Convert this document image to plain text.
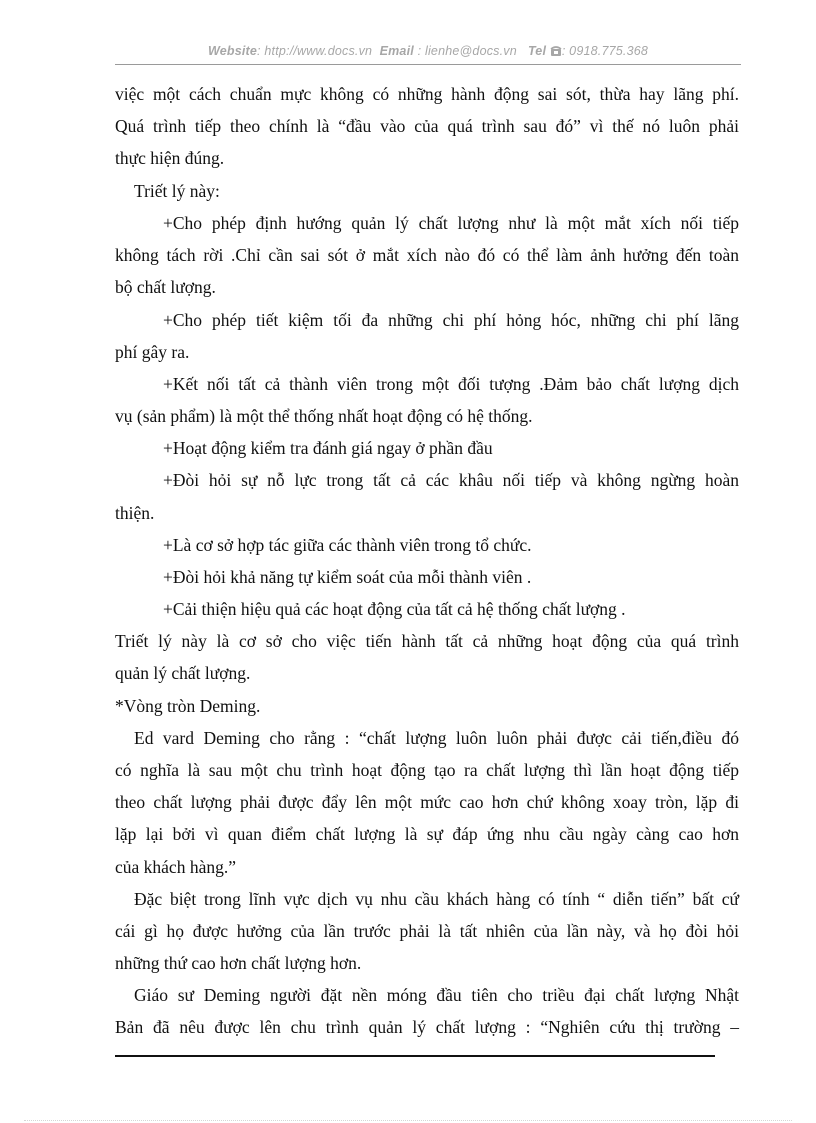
Website: http://www.docs.vn Email : lienhe@docs.vn Tel : 0918.775.368
việc một cách chuẩn mực không có những hành động sai sót, thừa hay lãng phí.
Quá trình tiếp theo chính là “đầu vào của quá trình sau đó” vì thế nó luôn phải
thực hiện đúng.
Triết lý này:
+Cho phép định hướng quản lý chất lượng như là một mắt xích nối tiếp
không tách rời .Chỉ cần sai sót ở mắt xích nào đó có thể làm ảnh hưởng đến toàn
bộ chất lượng.
+Cho phép tiết kiệm tối đa những chi phí hỏng hóc, những chi phí lãng
phí gây ra.
+Kết nối tất cả thành viên trong một đối tượng .Đảm bảo chất lượng dịch
vụ (sản phẩm) là một thể thống nhất hoạt động có hệ thống.
+Hoạt động kiểm tra đánh giá ngay ở phần đầu
+Đòi hỏi sự nỗ lực trong tất cả các khâu nối tiếp và không ngừng hoàn
thiện.
+Là cơ sở hợp tác giữa các thành viên trong tổ chức.
+Đòi hỏi khả năng tự kiểm soát của mỗi thành viên .
+Cải thiện hiệu quả các hoạt động của tất cả hệ thống chất lượng .
Triết lý này là cơ sở cho việc tiến hành tất cả những hoạt động của quá trình
quản lý chất lượng.
*Vòng tròn Deming.
Ed vard Deming cho rằng : “chất lượng luôn luôn phải được cải tiến,điều đó
có nghĩa là sau một chu trình hoạt động tạo ra chất lượng thì lần hoạt động tiếp
theo chất lượng phải được đẩy lên một mức cao hơn chứ không xoay tròn, lặp đi
lặp lại bởi vì quan điểm chất lượng là sự đáp ứng nhu cầu ngày càng cao hơn
của khách hàng.”
Đặc biệt trong lĩnh vực dịch vụ nhu cầu khách hàng có tính “ diễn tiến” bất cứ
cái gì họ được hưởng của lần trước phải là tất nhiên của lần này, và họ đòi hỏi
những thứ cao hơn chất lượng hơn.
Giáo sư Deming người đặt nền móng đầu tiên cho triều đại chất lượng Nhật
Bản đã nêu được lên chu trình quản lý chất lượng : “Nghiên cứu thị trường –
